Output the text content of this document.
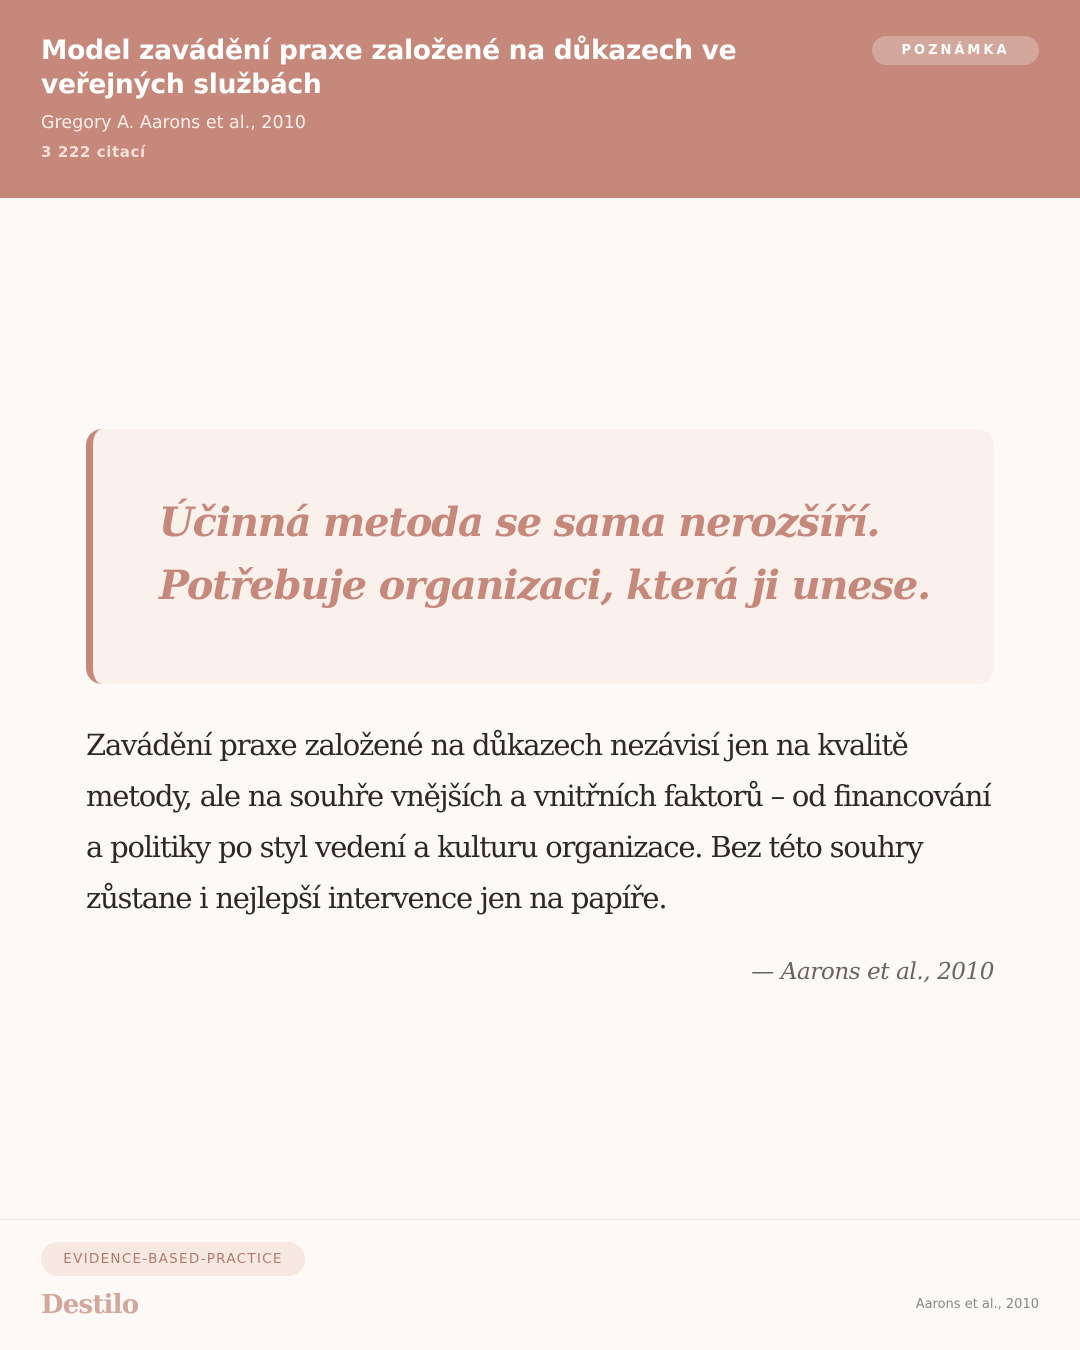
Model zavádění praxe založené na důkazech ve veřejných službách
Gregory A. Aarons et al., 2010
3 222 citací
POZNÁMKA

Účinná metoda se sama nerozšíří. Potřebuje organizaci, která ji unese.

Zavádění praxe založené na důkazech nezávisí jen na kvalitě metody, ale na souhře vnějších a vnitřních faktorů – od financování a politiky po styl vedení a kulturu organizace. Bez této souhry zůstane i nejlepší intervence jen na papíře.

— Aarons et al., 2010
EVIDENCE-BASED-PRACTICE
Destilo	Aarons et al., 2010
